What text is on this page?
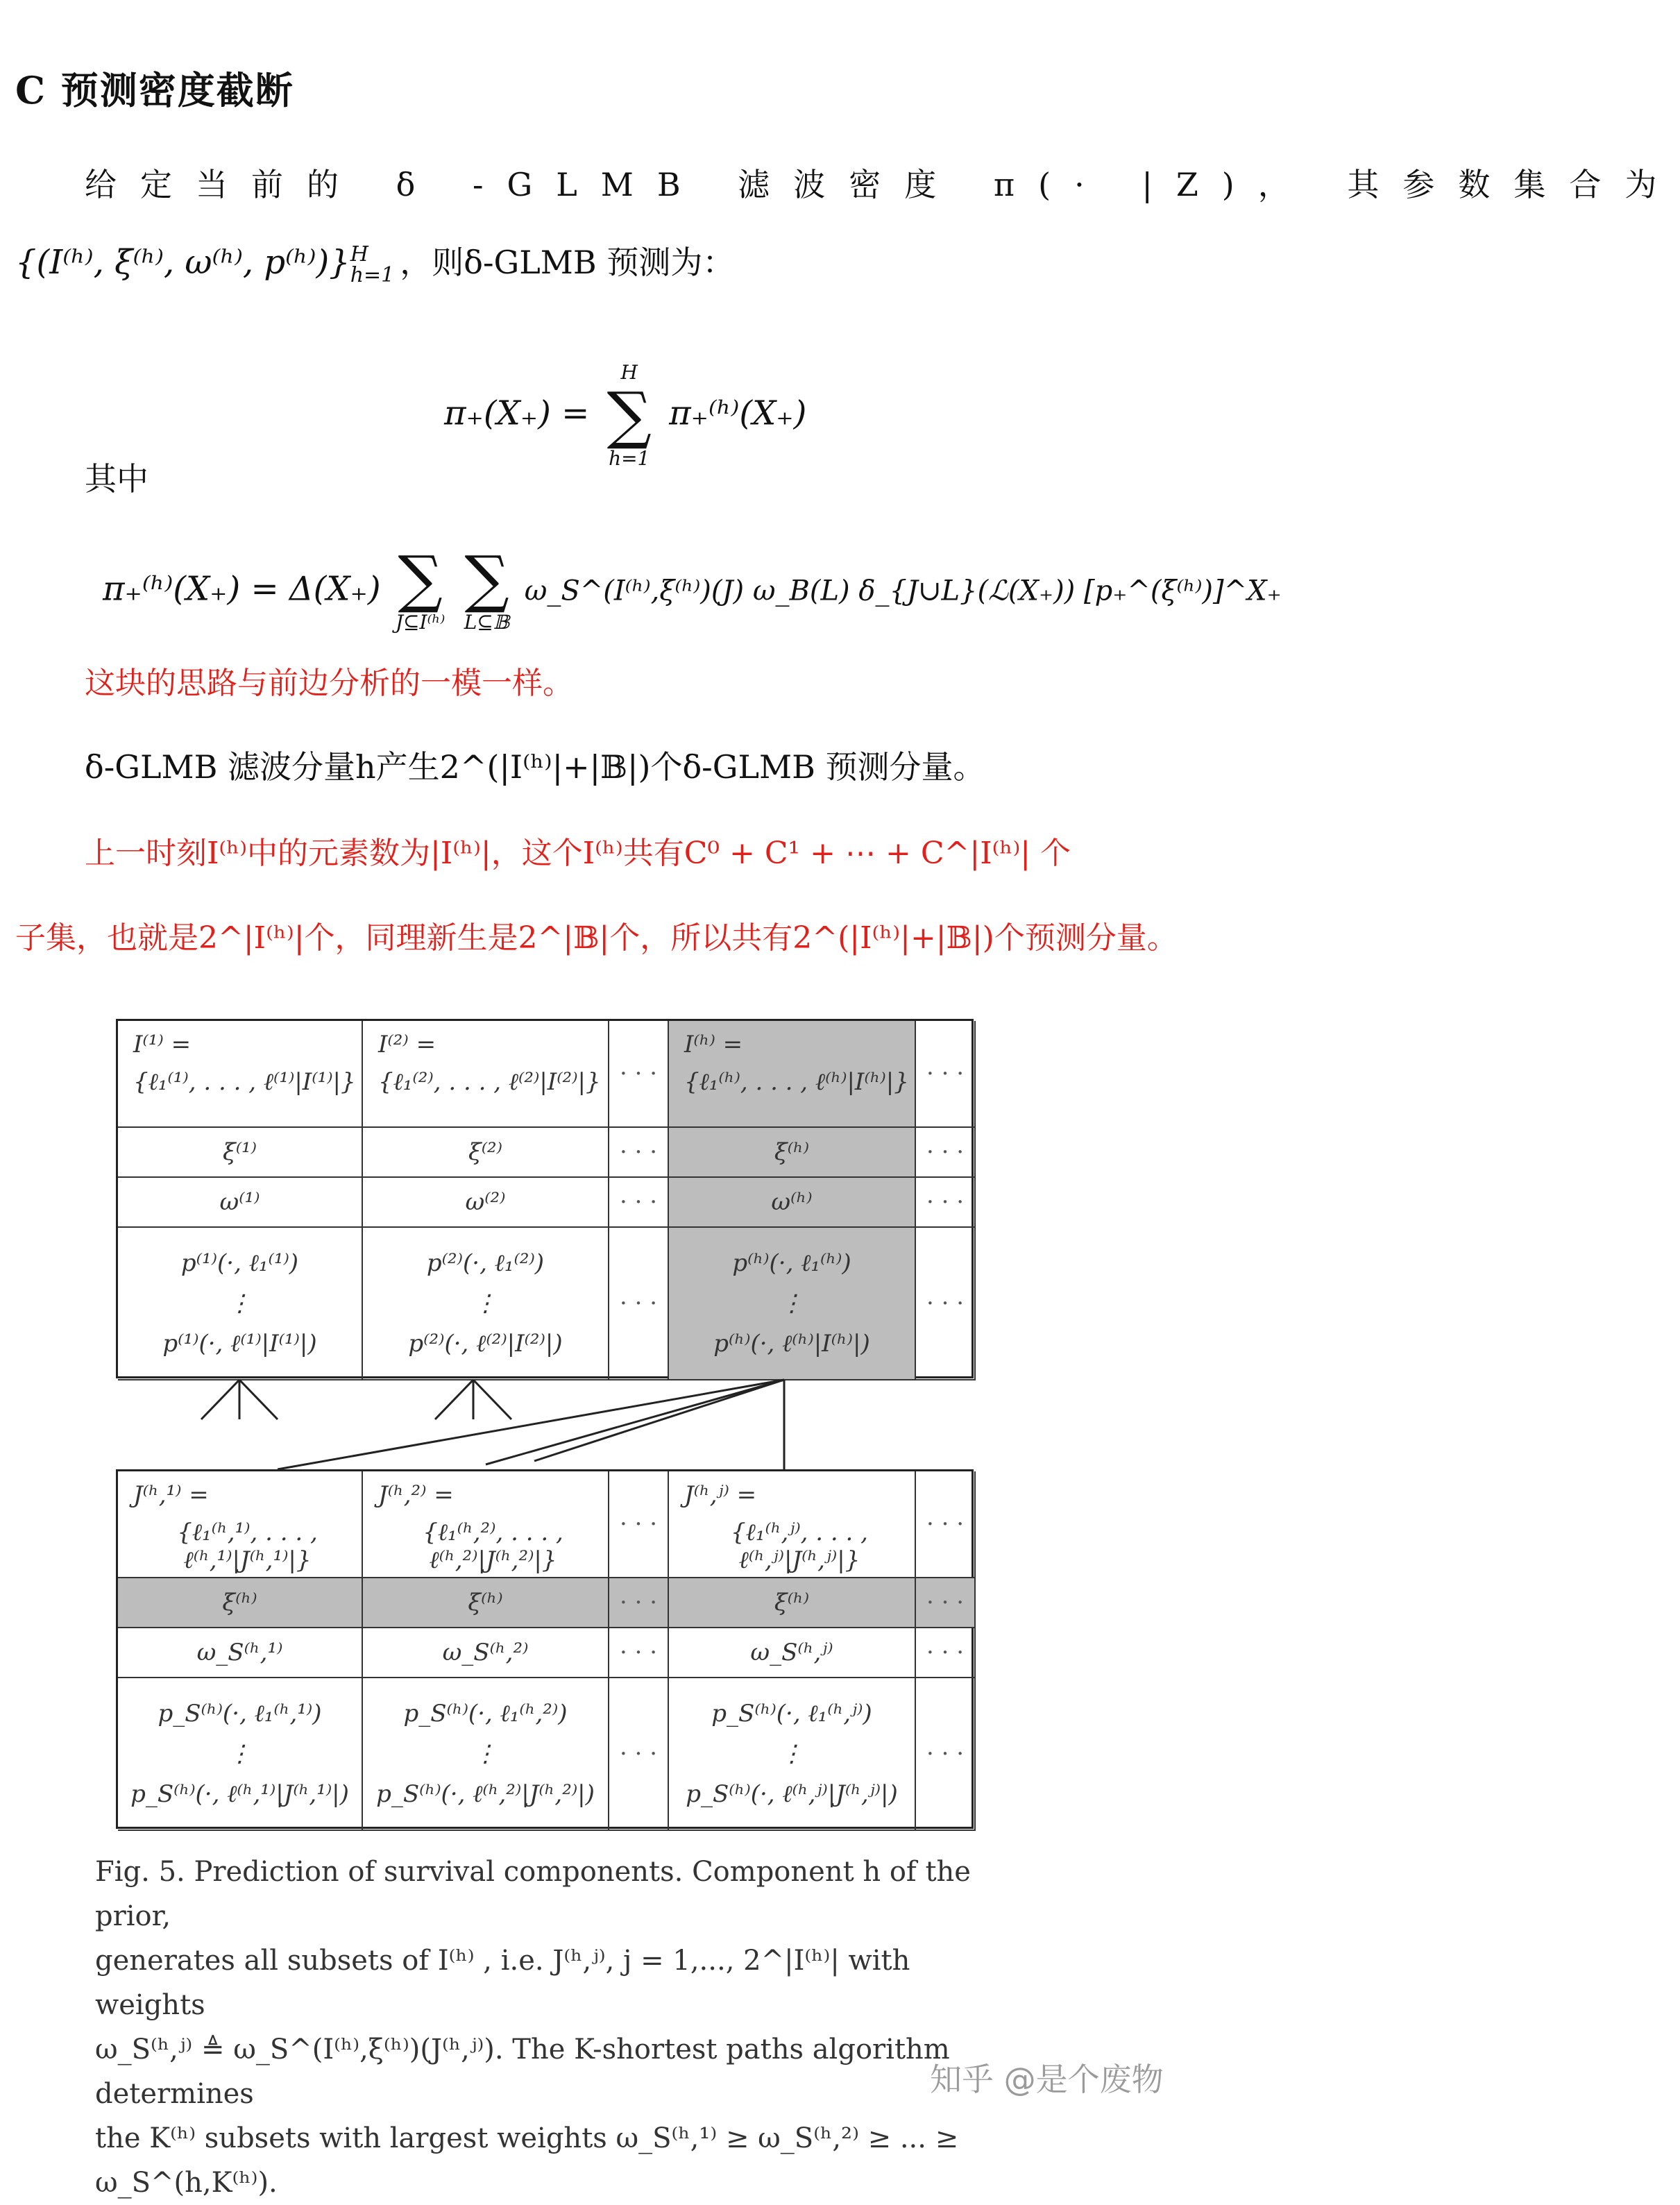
C 预测密度截断
给定当前的 δ -GLMB 滤波密度 π(· |Z)， 其参数集合为
{(I⁽ʰ⁾, ξ⁽ʰ⁾, ω⁽ʰ⁾, p⁽ʰ⁾)} H
h=1 ，则δ-GLMB 预测为：
π₊(X₊) =
H
∑
h=1
π₊⁽ʰ⁾(X₊)
其中
π₊⁽ʰ⁾(X₊) = Δ(X₊) ∑
J⊆I⁽ʰ⁾

∑
L⊆𝔹
ω_S^(I⁽ʰ⁾,ξ⁽ʰ⁾)(J) ω_B(L) δ_{J∪L}(ℒ(X₊)) [p₊^(ξ⁽ʰ⁾)]^X₊
这块的思路与前边分析的一模一样。
δ-GLMB 滤波分量h产生2^(|I⁽ʰ⁾|+|𝔹|)个δ-GLMB 预测分量。
上一时刻I⁽ʰ⁾中的元素数为|I⁽ʰ⁾|，这个I⁽ʰ⁾共有C⁰ + C¹ + ⋯ + C^|I⁽ʰ⁾| 个
子集，也就是2^|I⁽ʰ⁾|个，同理新生是2^|𝔹|个，所以共有2^(|I⁽ʰ⁾|+|𝔹|)个预测分量。
I⁽¹⁾ =
{ℓ₁⁽¹⁾, . . . , ℓ⁽¹⁾|I⁽¹⁾|}
ξ⁽¹⁾
ω⁽¹⁾
p⁽¹⁾(·, ℓ₁⁽¹⁾)
⋮
p⁽¹⁾(·, ℓ⁽¹⁾|I⁽¹⁾|)
I⁽²⁾ =
{ℓ₁⁽²⁾, . . . , ℓ⁽²⁾|I⁽²⁾|}
ξ⁽²⁾
ω⁽²⁾
p⁽²⁾(·, ℓ₁⁽²⁾)
⋮
p⁽²⁾(·, ℓ⁽²⁾|I⁽²⁾|)
· · ·
· · ·
· · ·
· · ·
I⁽ʰ⁾ =
{ℓ₁⁽ʰ⁾, . . . , ℓ⁽ʰ⁾|I⁽ʰ⁾|}
ξ⁽ʰ⁾
ω⁽ʰ⁾
p⁽ʰ⁾(·, ℓ₁⁽ʰ⁾)
⋮
p⁽ʰ⁾(·, ℓ⁽ʰ⁾|I⁽ʰ⁾|)
· · ·
· · ·
· · ·
· · ·
J⁽ʰ,¹⁾ =
{ℓ₁⁽ʰ,¹⁾, . . . , ℓ⁽ʰ,¹⁾|J⁽ʰ,¹⁾|}
ξ⁽ʰ⁾
ω_S⁽ʰ,¹⁾
p_S⁽ʰ⁾(·, ℓ₁⁽ʰ,¹⁾)
⋮
p_S⁽ʰ⁾(·, ℓ⁽ʰ,¹⁾|J⁽ʰ,¹⁾|)
J⁽ʰ,²⁾ =
{ℓ₁⁽ʰ,²⁾, . . . , ℓ⁽ʰ,²⁾|J⁽ʰ,²⁾|}
ξ⁽ʰ⁾
ω_S⁽ʰ,²⁾
p_S⁽ʰ⁾(·, ℓ₁⁽ʰ,²⁾)
⋮
p_S⁽ʰ⁾(·, ℓ⁽ʰ,²⁾|J⁽ʰ,²⁾|)
· · ·
· · ·
· · ·
· · ·
J⁽ʰ,ʲ⁾ =
{ℓ₁⁽ʰ,ʲ⁾, . . . , ℓ⁽ʰ,ʲ⁾|J⁽ʰ,ʲ⁾|}
ξ⁽ʰ⁾
ω_S⁽ʰ,ʲ⁾
p_S⁽ʰ⁾(·, ℓ₁⁽ʰ,ʲ⁾)
⋮
p_S⁽ʰ⁾(·, ℓ⁽ʰ,ʲ⁾|J⁽ʰ,ʲ⁾|)
· · ·
· · ·
· · ·
· · ·
Fig. 5. Prediction of survival components. Component h of the prior,
generates all subsets of I⁽ʰ⁾ , i.e. J⁽ʰ,ʲ⁾, j = 1,..., 2^|I⁽ʰ⁾| with weights
ω_S⁽ʰ,ʲ⁾ ≜ ω_S^(I⁽ʰ⁾,ξ⁽ʰ⁾)(J⁽ʰ,ʲ⁾). The K-shortest paths algorithm determines
the K⁽ʰ⁾ subsets with largest weights ω_S⁽ʰ,¹⁾ ≥ ω_S⁽ʰ,²⁾ ≥ ... ≥ ω_S^(h,K⁽ʰ⁾).
知乎 @是个废物
